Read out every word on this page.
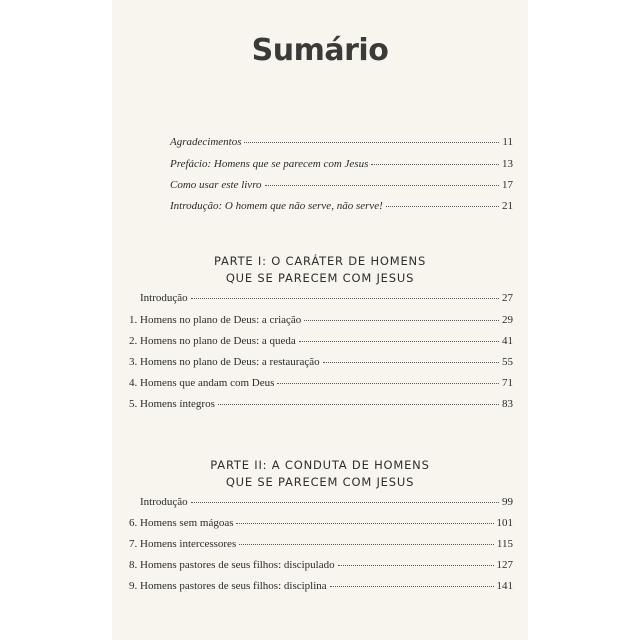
Sumário
Agradecimentos	11
Prefácio: Homens que se parecem com Jesus	13
Como usar este livro	17
Introdução: O homem que não serve, não serve!	21
PARTE I: O CARÁTER DE HOMENS
QUE SE PARECEM COM JESUS
Introdução	27
1. Homens no plano de Deus: a criação	29
2. Homens no plano de Deus: a queda	41
3. Homens no plano de Deus: a restauração	55
4. Homens que andam com Deus	71
5. Homens íntegros	83
PARTE II: A CONDUTA DE HOMENS
QUE SE PARECEM COM JESUS
Introdução	99
6. Homens sem mágoas	101
7. Homens intercessores	115
8. Homens pastores de seus filhos: discipulado	127
9. Homens pastores de seus filhos: disciplina	141
